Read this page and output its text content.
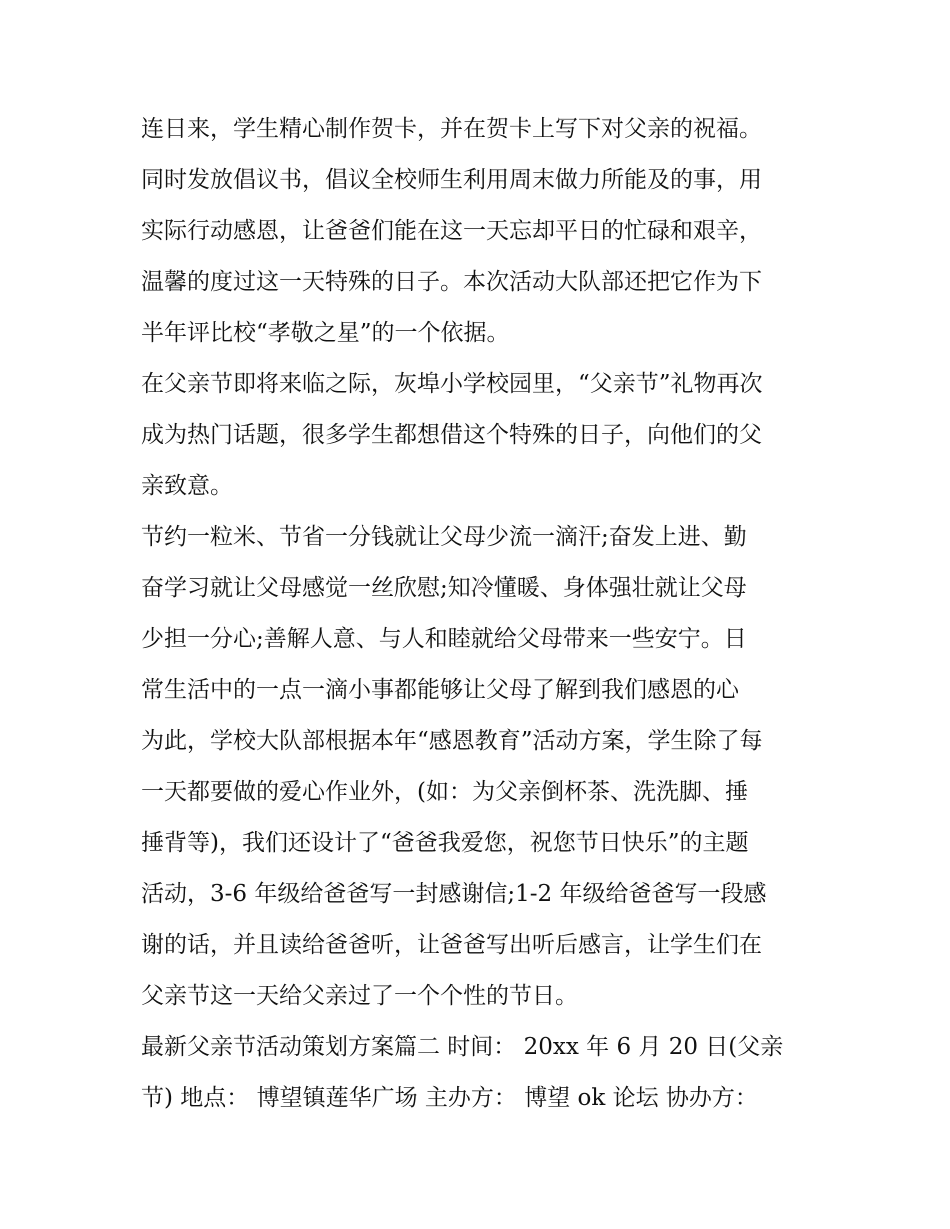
连日来，学生精心制作贺卡，并在贺卡上写下对父亲的祝福。
同时发放倡议书，倡议全校师生利用周末做力所能及的事，用
实际行动感恩，让爸爸们能在这一天忘却平日的忙碌和艰辛，
温馨的度过这一天特殊的日子。本次活动大队部还把它作为下
半年评比校“孝敬之星”的一个依据。
在父亲节即将来临之际，灰埠小学校园里，“父亲节”礼物再次
成为热门话题，很多学生都想借这个特殊的日子，向他们的父
亲致意。
节约一粒米、节省一分钱就让父母少流一滴汗;奋发上进、勤
奋学习就让父母感觉一丝欣慰;知冷懂暖、身体强壮就让父母
少担一分心;善解人意、与人和睦就给父母带来一些安宁。日
常生活中的一点一滴小事都能够让父母了解到我们感恩的心
为此，学校大队部根据本年“感恩教育”活动方案，学生除了每
一天都要做的爱心作业外，(如：为父亲倒杯茶、洗洗脚、捶
捶背等)，我们还设计了“爸爸我爱您，祝您节日快乐”的主题
活动，3-6 年级给爸爸写一封感谢信;1-2 年级给爸爸写一段感
谢的话，并且读给爸爸听，让爸爸写出听后感言，让学生们在
父亲节这一天给父亲过了一个个性的节日。
最新父亲节活动策划方案篇二 时间： 20xx 年 6 月 20 日(父亲
节) 地点： 博望镇莲华广场 主办方： 博望 ok 论坛 协办方：
